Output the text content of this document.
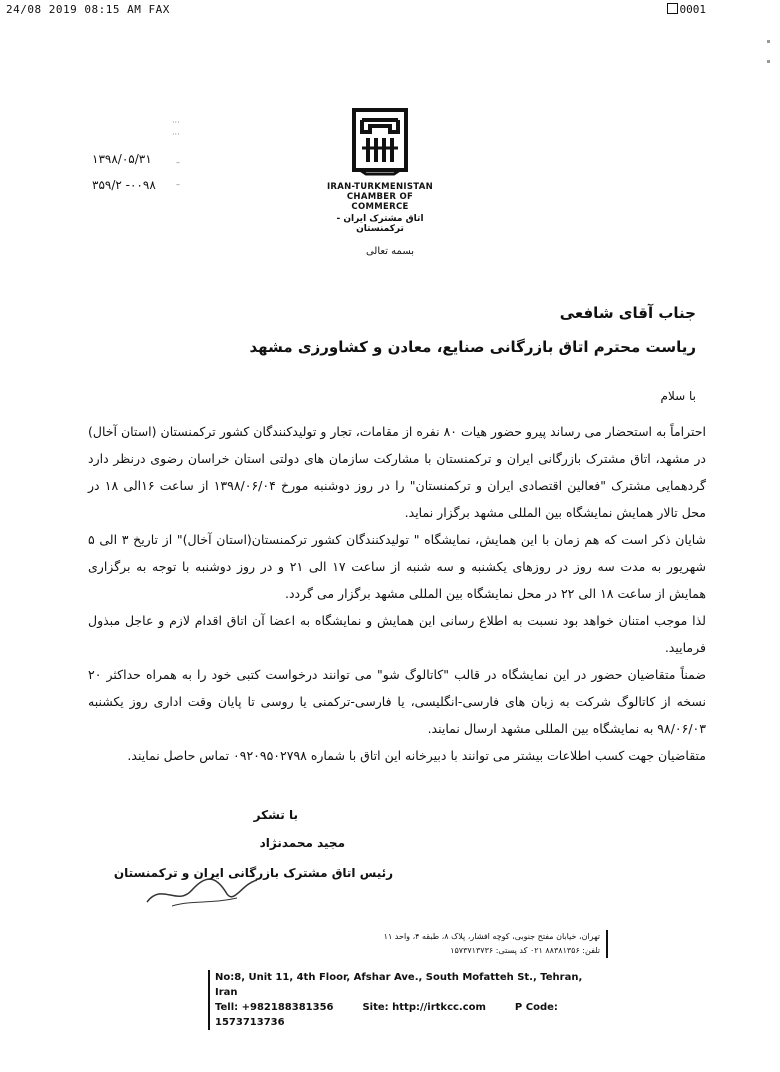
24/08 2019 08:15 AM FAX	0001
···
···
–
–
۱۳۹۸/۰۵/۳۱
۰۰۹۸- ۳۵۹/۲	IRAN-TURKMENISTAN
CHAMBER OF COMMERCE
اتاق مشترک ایران - ترکمنستان
بسمه تعالی
جناب آقای شافعی
ریاست محترم اتاق بازرگانی صنایع، معادن و کشاورزی مشهد
با سلام

احتراماً به استحضار می رساند پیرو حضور هیات ۸۰ نفره از مقامات، تجار و تولیدکنندگان کشور ترکمنستان (استان آخال) در مشهد، اتاق مشترک بازرگانی ایران و ترکمنستان با مشارکت سازمان های دولتی استان خراسان رضوی درنظر دارد گردهمایی مشترک "فعالین اقتصادی ایران و ترکمنستان" را در روز دوشنبه مورخ ۱۳۹۸/۰۶/۰۴ از ساعت ۱۶الی ۱۸ در محل تالار همایش نمایشگاه بین المللی مشهد برگزار نماید.

شایان ذکر است که هم زمان با این همایش، نمایشگاه " تولیدکنندگان کشور ترکمنستان(استان آخال)" از تاریخ ۳ الی ۵ شهریور به مدت سه روز در روزهای یکشنبه و سه شنبه از ساعت ۱۷ الی ۲۱ و در روز دوشنبه با توجه به برگزاری همایش از ساعت ۱۸ الی ۲۲ در محل نمایشگاه بین المللی مشهد برگزار می گردد.

لذا موجب امتنان خواهد بود نسبت به اطلاع رسانی این همایش و نمایشگاه به اعضا آن اتاق اقدام لازم و عاجل مبذول فرمایید.

ضمناً متقاضیان حضور در این نمایشگاه در قالب "کاتالوگ شو" می توانند درخواست کتبی خود را به همراه حداکثر ۲۰ نسخه از کاتالوگ شرکت به زبان های فارسی-انگلیسی، یا فارسی-ترکمنی یا روسی تا پایان وقت اداری روز یکشنبه ۹۸/۰۶/۰۳ به نمایشگاه بین المللی مشهد ارسال نمایند.

متقاضیان جهت کسب اطلاعات بیشتر می توانند با دبیرخانه این اتاق با شماره ۰۹۲۰۹۵۰۲۷۹۸ تماس حاصل نمایند.

با تشکر
مجید محمدنژاد
رئیس اتاق مشترک بازرگانی ایران و ترکمنستان
تهران، خیابان مفتح جنوبی، کوچه افشار، پلاک ۸، طبقه ۴، واحد ۱۱
تلفن: ۸۸۳۸۱۳۵۶ ۰۲۱ کد پستی: ۱۵۷۳۷۱۳۷۳۶
No:8, Unit 11, 4th Floor, Afshar Ave., South Mofatteh St., Tehran, Iran
Tell: +982188381356	Site: http://irtkcc.com	P Code: 1573713736
